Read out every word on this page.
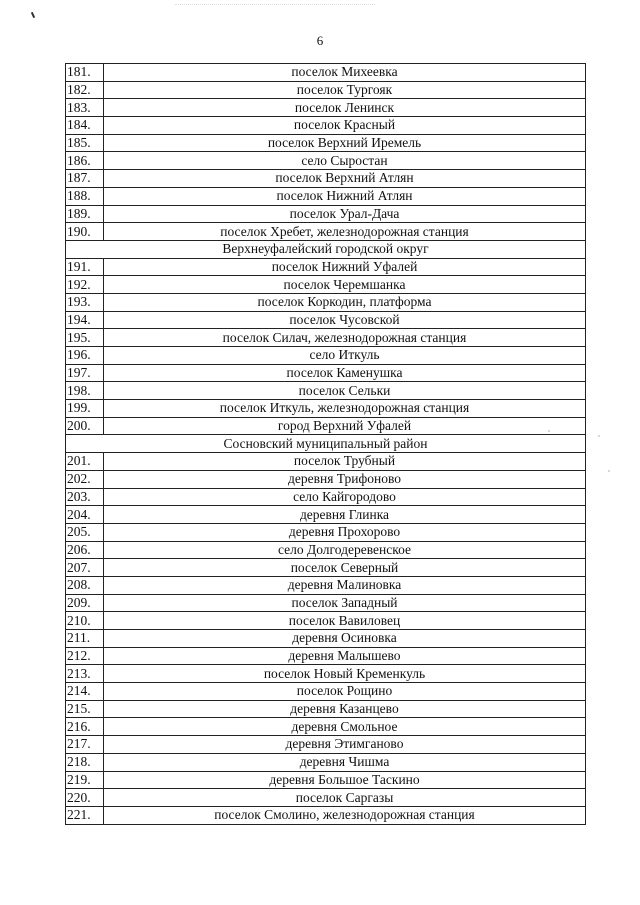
6
181.	поселок Михеевка
182.	поселок Тургояк
183.	поселок Ленинск
184.	поселок Красный
185.	поселок Верхний Иремель
186.	село Сыростан
187.	поселок Верхний Атлян
188.	поселок Нижний Атлян
189.	поселок Урал-Дача
190.	поселок Хребет, железнодорожная станция
Верхнеуфалейский городской округ	
191.	поселок Нижний Уфалей
192.	поселок Черемшанка
193.	поселок Коркодин, платформа
194.	поселок Чусовской
195.	поселок Силач, железнодорожная станция
196.	село Иткуль
197.	поселок Каменушка
198.	поселок Сельки
199.	поселок Иткуль, железнодорожная станция
200.	город Верхний Уфалей
Сосновский муниципальный район	
201.	поселок Трубный
202.	деревня Трифоново
203.	село Кайгородово
204.	деревня Глинка
205.	деревня Прохорово
206.	село Долгодеревенское
207.	поселок Северный
208.	деревня Малиновка
209.	поселок Западный
210.	поселок Вавиловец
211.	деревня Осиновка
212.	деревня Малышево
213.	поселок Новый Кременкуль
214.	поселок Рощино
215.	деревня Казанцево
216.	деревня Смольное
217.	деревня Этимганово
218.	деревня Чишма
219.	деревня Большое Таскино
220.	поселок Саргазы
221.	поселок Смолино, железнодорожная станция
